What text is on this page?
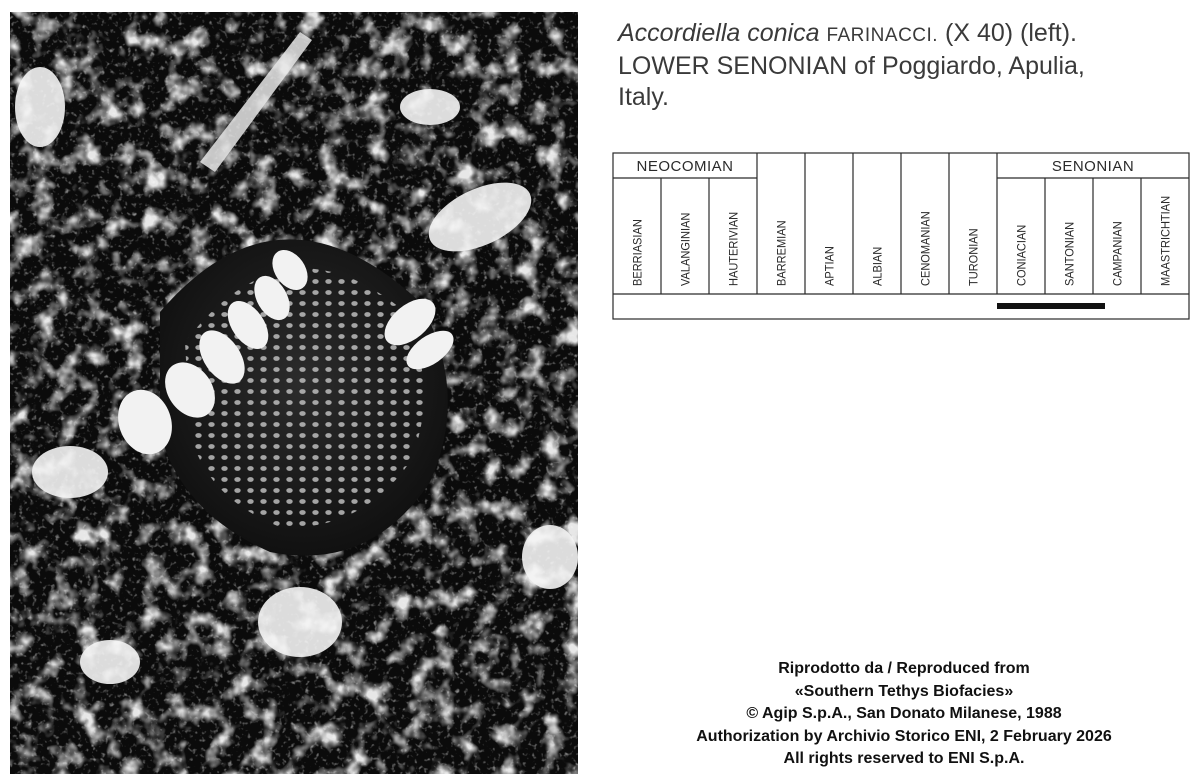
Accordiella conica FARINACCI. (X 40) (left).
LOWER SENONIAN of Poggiardo, Apulia,
Italy.
NEOCOMIAN	SENONIAN
BERRIASIAN	VALANGINIAN	HAUTERIVIAN	BARREMIAN	APTIAN	ALBIAN	CENOMANIAN	TURONIAN	CONIACIAN	SANTONIAN	CAMPANIAN	MAASTRICHTIAN
Riprodotto da / Reproduced from
«Southern Tethys Biofacies»
© Agip S.p.A., San Donato Milanese, 1988
Authorization by Archivio Storico ENI, 2 February 2026
All rights reserved to ENI S.p.A.
